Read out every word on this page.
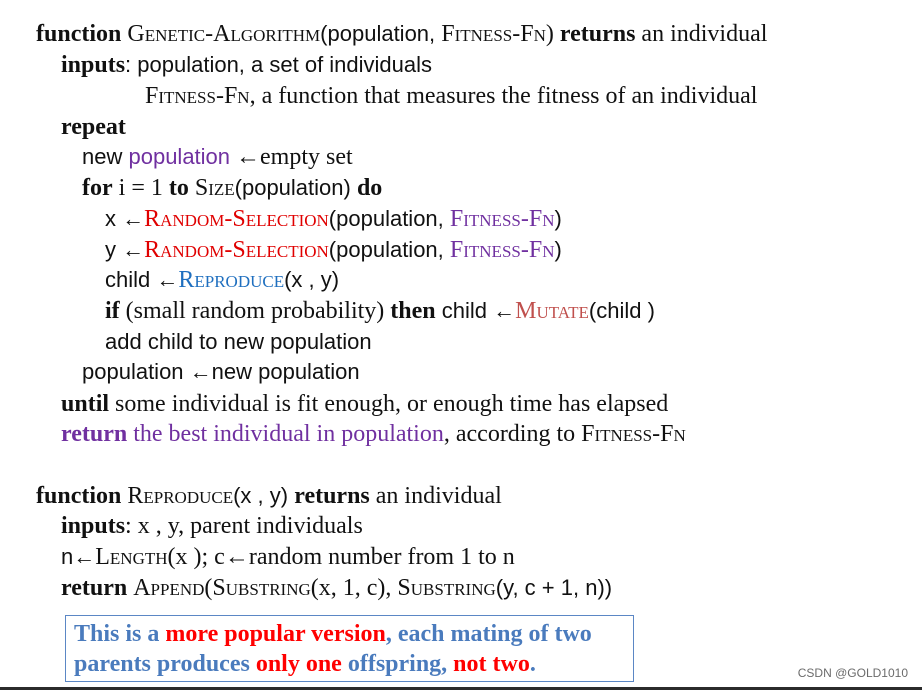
function Genetic-Algorithm(population, Fitness-Fn) returns an individual
inputs: population, a set of individuals
Fitness-Fn, a function that measures the fitness of an individual
repeat
new population ←empty set
for i = 1 to Size(population) do
x ←Random-Selection(population, Fitness-Fn)
y ←Random-Selection(population, Fitness-Fn)
child ←Reproduce(x , y)
if (small random probability) then child ←Mutate(child )
add child to new population
population ←new population
until some individual is fit enough, or enough time has elapsed
return the best individual in population, according to Fitness-Fn
function Reproduce(x , y) returns an individual
inputs: x , y, parent individuals
n←Length(x ); c←random number from 1 to n
return Append(Substring(x, 1, c), Substring(y, c + 1, n))
This is a more popular version, each mating of two
parents produces only one offspring, not two.	CSDN @GOLD1010
